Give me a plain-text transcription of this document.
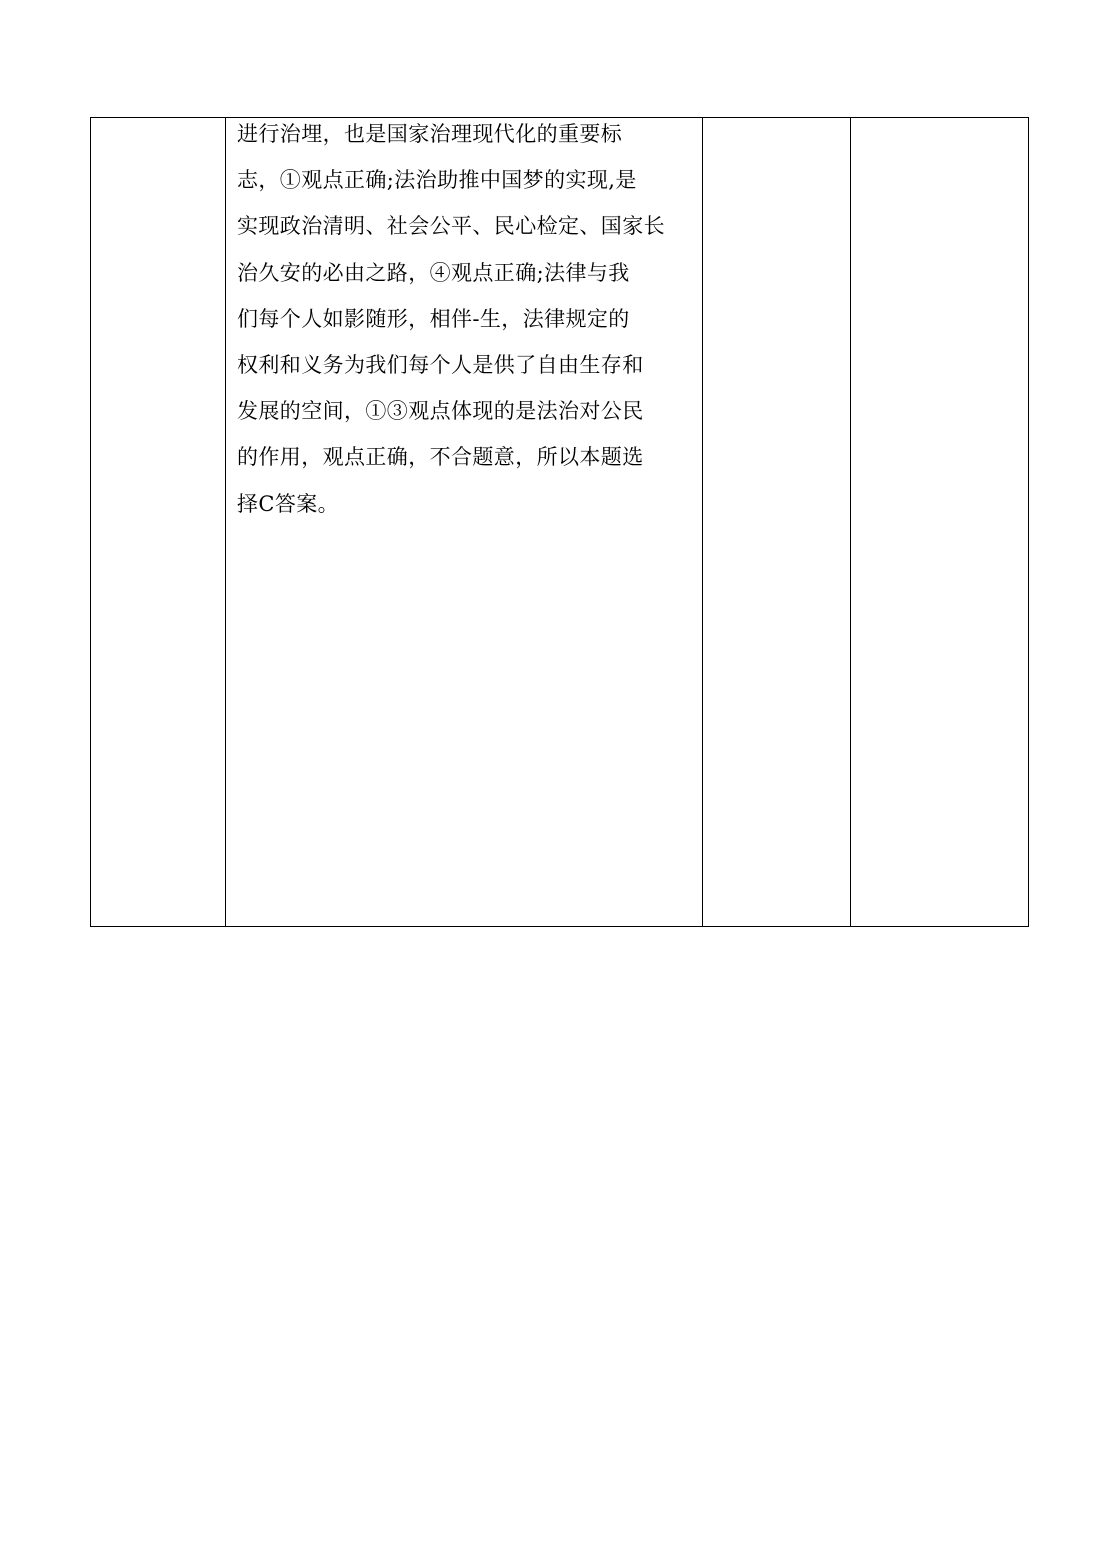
进行治埋，也是国家治理现代化的重要标
志，①观点正确;法治助推中国梦的实现,是
实现政治清明、社会公平、民心检定、国家长
治久安的必由之路，④观点正确;法律与我
们每个人如影随形，相伴-生，法律规定的
权利和义务为我们每个人是供了自由生存和
发展的空间，①③观点体现的是法治对公民
的作用，观点正确，不合题意，所以本题选
择C答案。
